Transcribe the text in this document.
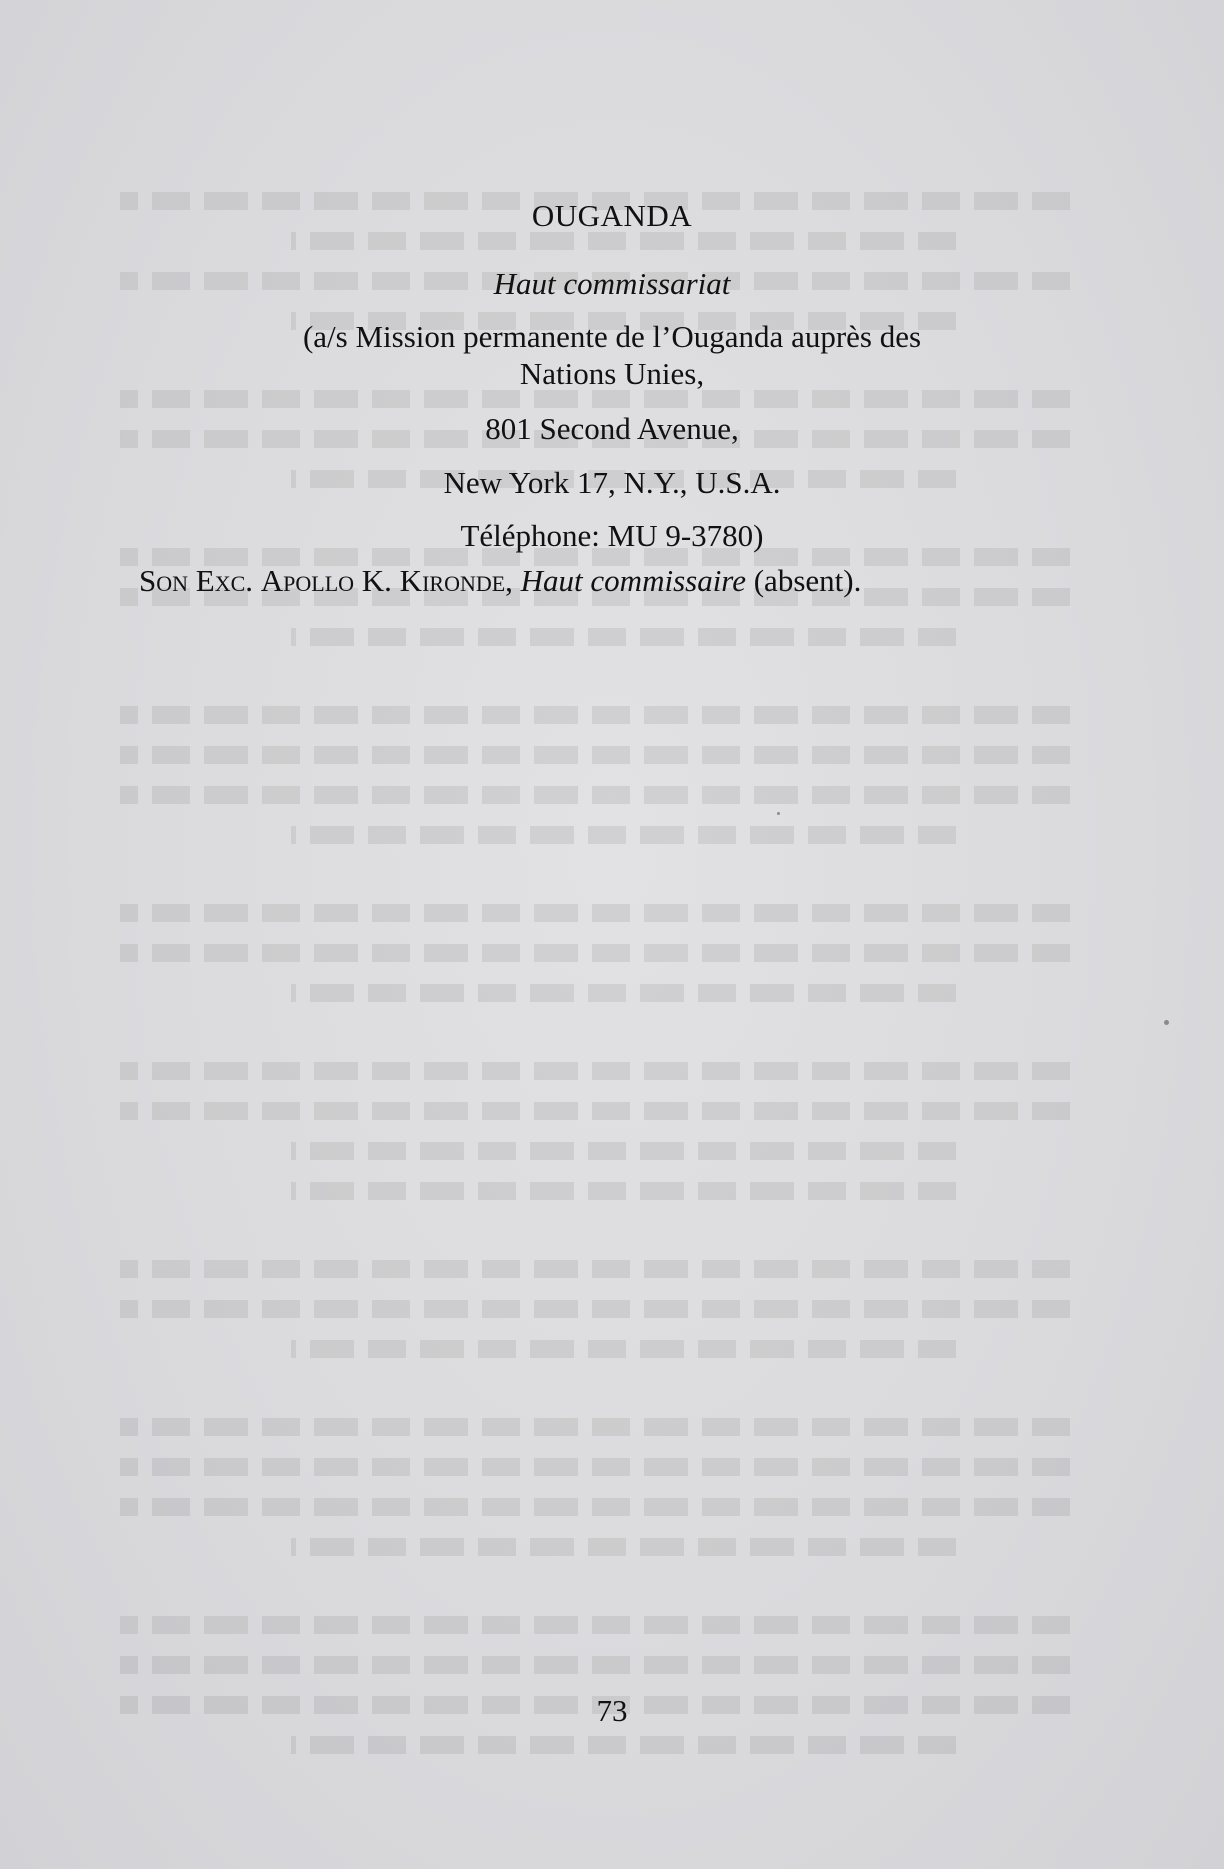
OUGANDA
Haut commissariat
(a/s Mission permanente de l’Ouganda auprès des
Nations Unies,
801 Second Avenue,
New York 17, N.Y., U.S.A.
Téléphone: MU 9-3780)
Son Exc. Apollo K. Kironde, Haut commissaire (absent).
73
